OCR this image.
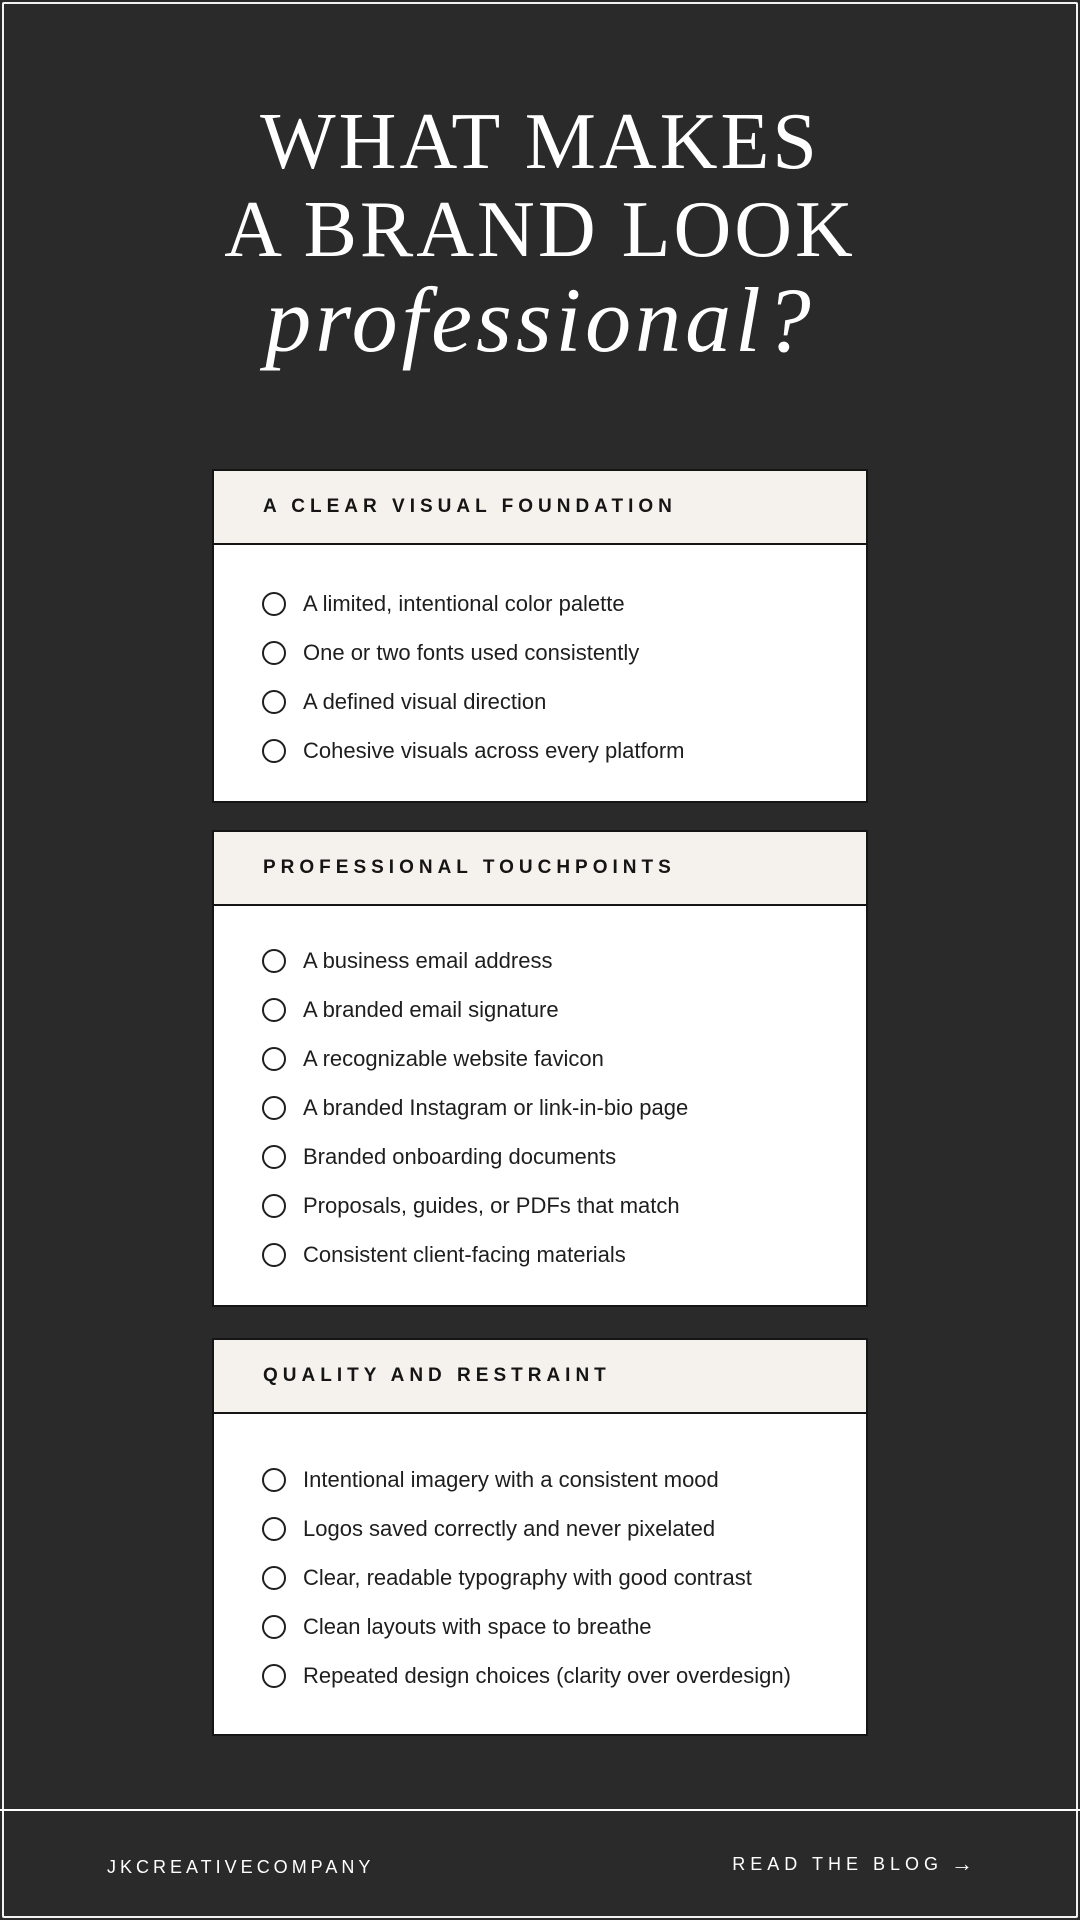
WHAT MAKES
A BRAND LOOK
professional?
A CLEAR VISUAL FOUNDATION
A limited, intentional color palette
One or two fonts used consistently
A defined visual direction
Cohesive visuals across every platform
PROFESSIONAL TOUCHPOINTS
A business email address
A branded email signature
A recognizable website favicon
A branded Instagram or link-in-bio page
Branded onboarding documents
Proposals, guides, or PDFs that match
Consistent client-facing materials
QUALITY AND RESTRAINT
Intentional imagery with a consistent mood
Logos saved correctly and never pixelated
Clear, readable typography with good contrast
Clean layouts with space to breathe
Repeated design choices (clarity over overdesign)
JKCREATIVECOMPANY	READ THE BLOG →
